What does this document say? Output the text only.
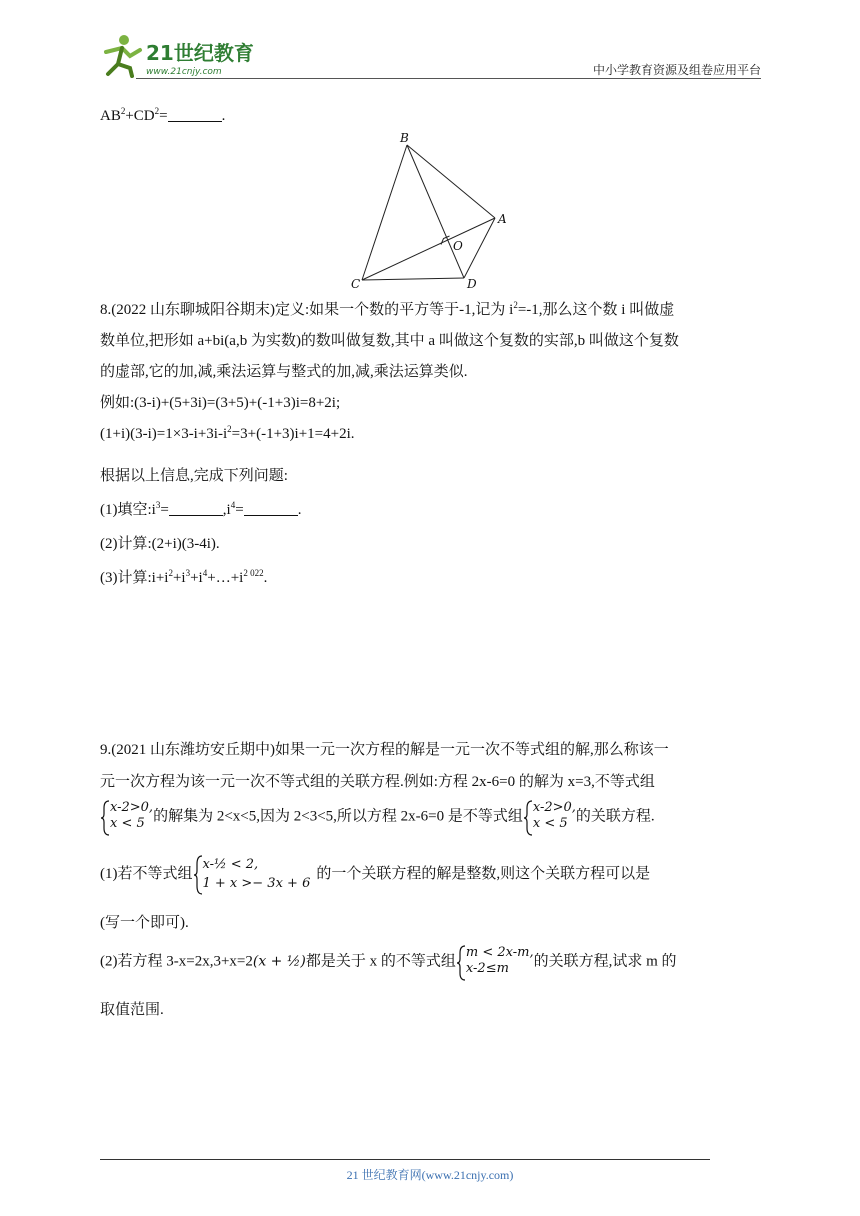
21世纪教育
www.21cnjy.com	中小学教育资源及组卷应用平台
$AB^2+CD^2=$	.
B
A
O
C	D
8.(2022 山东聊城阳谷期末)定义:如果一个数的平方等于-1,记为 $i^2=-1$,那么这个数 i 叫做虚
数单位,把形如 a+bi(a,b 为实数)的数叫做复数,其中 a 叫做这个复数的实部,b 叫做这个复数
的虚部,它的加,减,乘法运算与整式的加,减,乘法运算类似.
例如:(3-i)+(5+3i)=(3+5)+(-1+3)i=8+2i;
$(1+i)(3-i)=1\times 3-i+3i-i^2=3+(-1+3)i+1=4+2i$.
根据以上信息,完成下列问题:
(1)填空$:i^3=$	$,i^4=$	.
(2)计算:(2+i)(3-4i).
(3)计算$:i+i^2+i^3+i^4+\dots+i^{2 022}$.
9.(2021 山东潍坊安丘期中)如果一元一次方程的解是一元一次不等式组的解,那么称该一
元一次方程为该一元一次不等式组的关联方程.例如:方程 2x-6=0 的解为 x=3,不等式组
x-2>0,
x < 5 的解集为 2<x<5,因为 2<3<5,所以方程 2x-6=0 是不等式组
x-2>0,
x < 5 的关联方程.
(1)若不等式组
x-½ < 2,
1 + x >− 3x + 6
的一个关联方程的解是整数,则这个关联方程可以是
(写一个即可).
(2)若方程 3-x=2x,3+x=2(x + ½)都是关于 x 的不等式组
m < 2x-m,
x-2≤m	的关联方程,试求 m 的
取值范围.
21 世纪教育网(www.21cnjy.com)
